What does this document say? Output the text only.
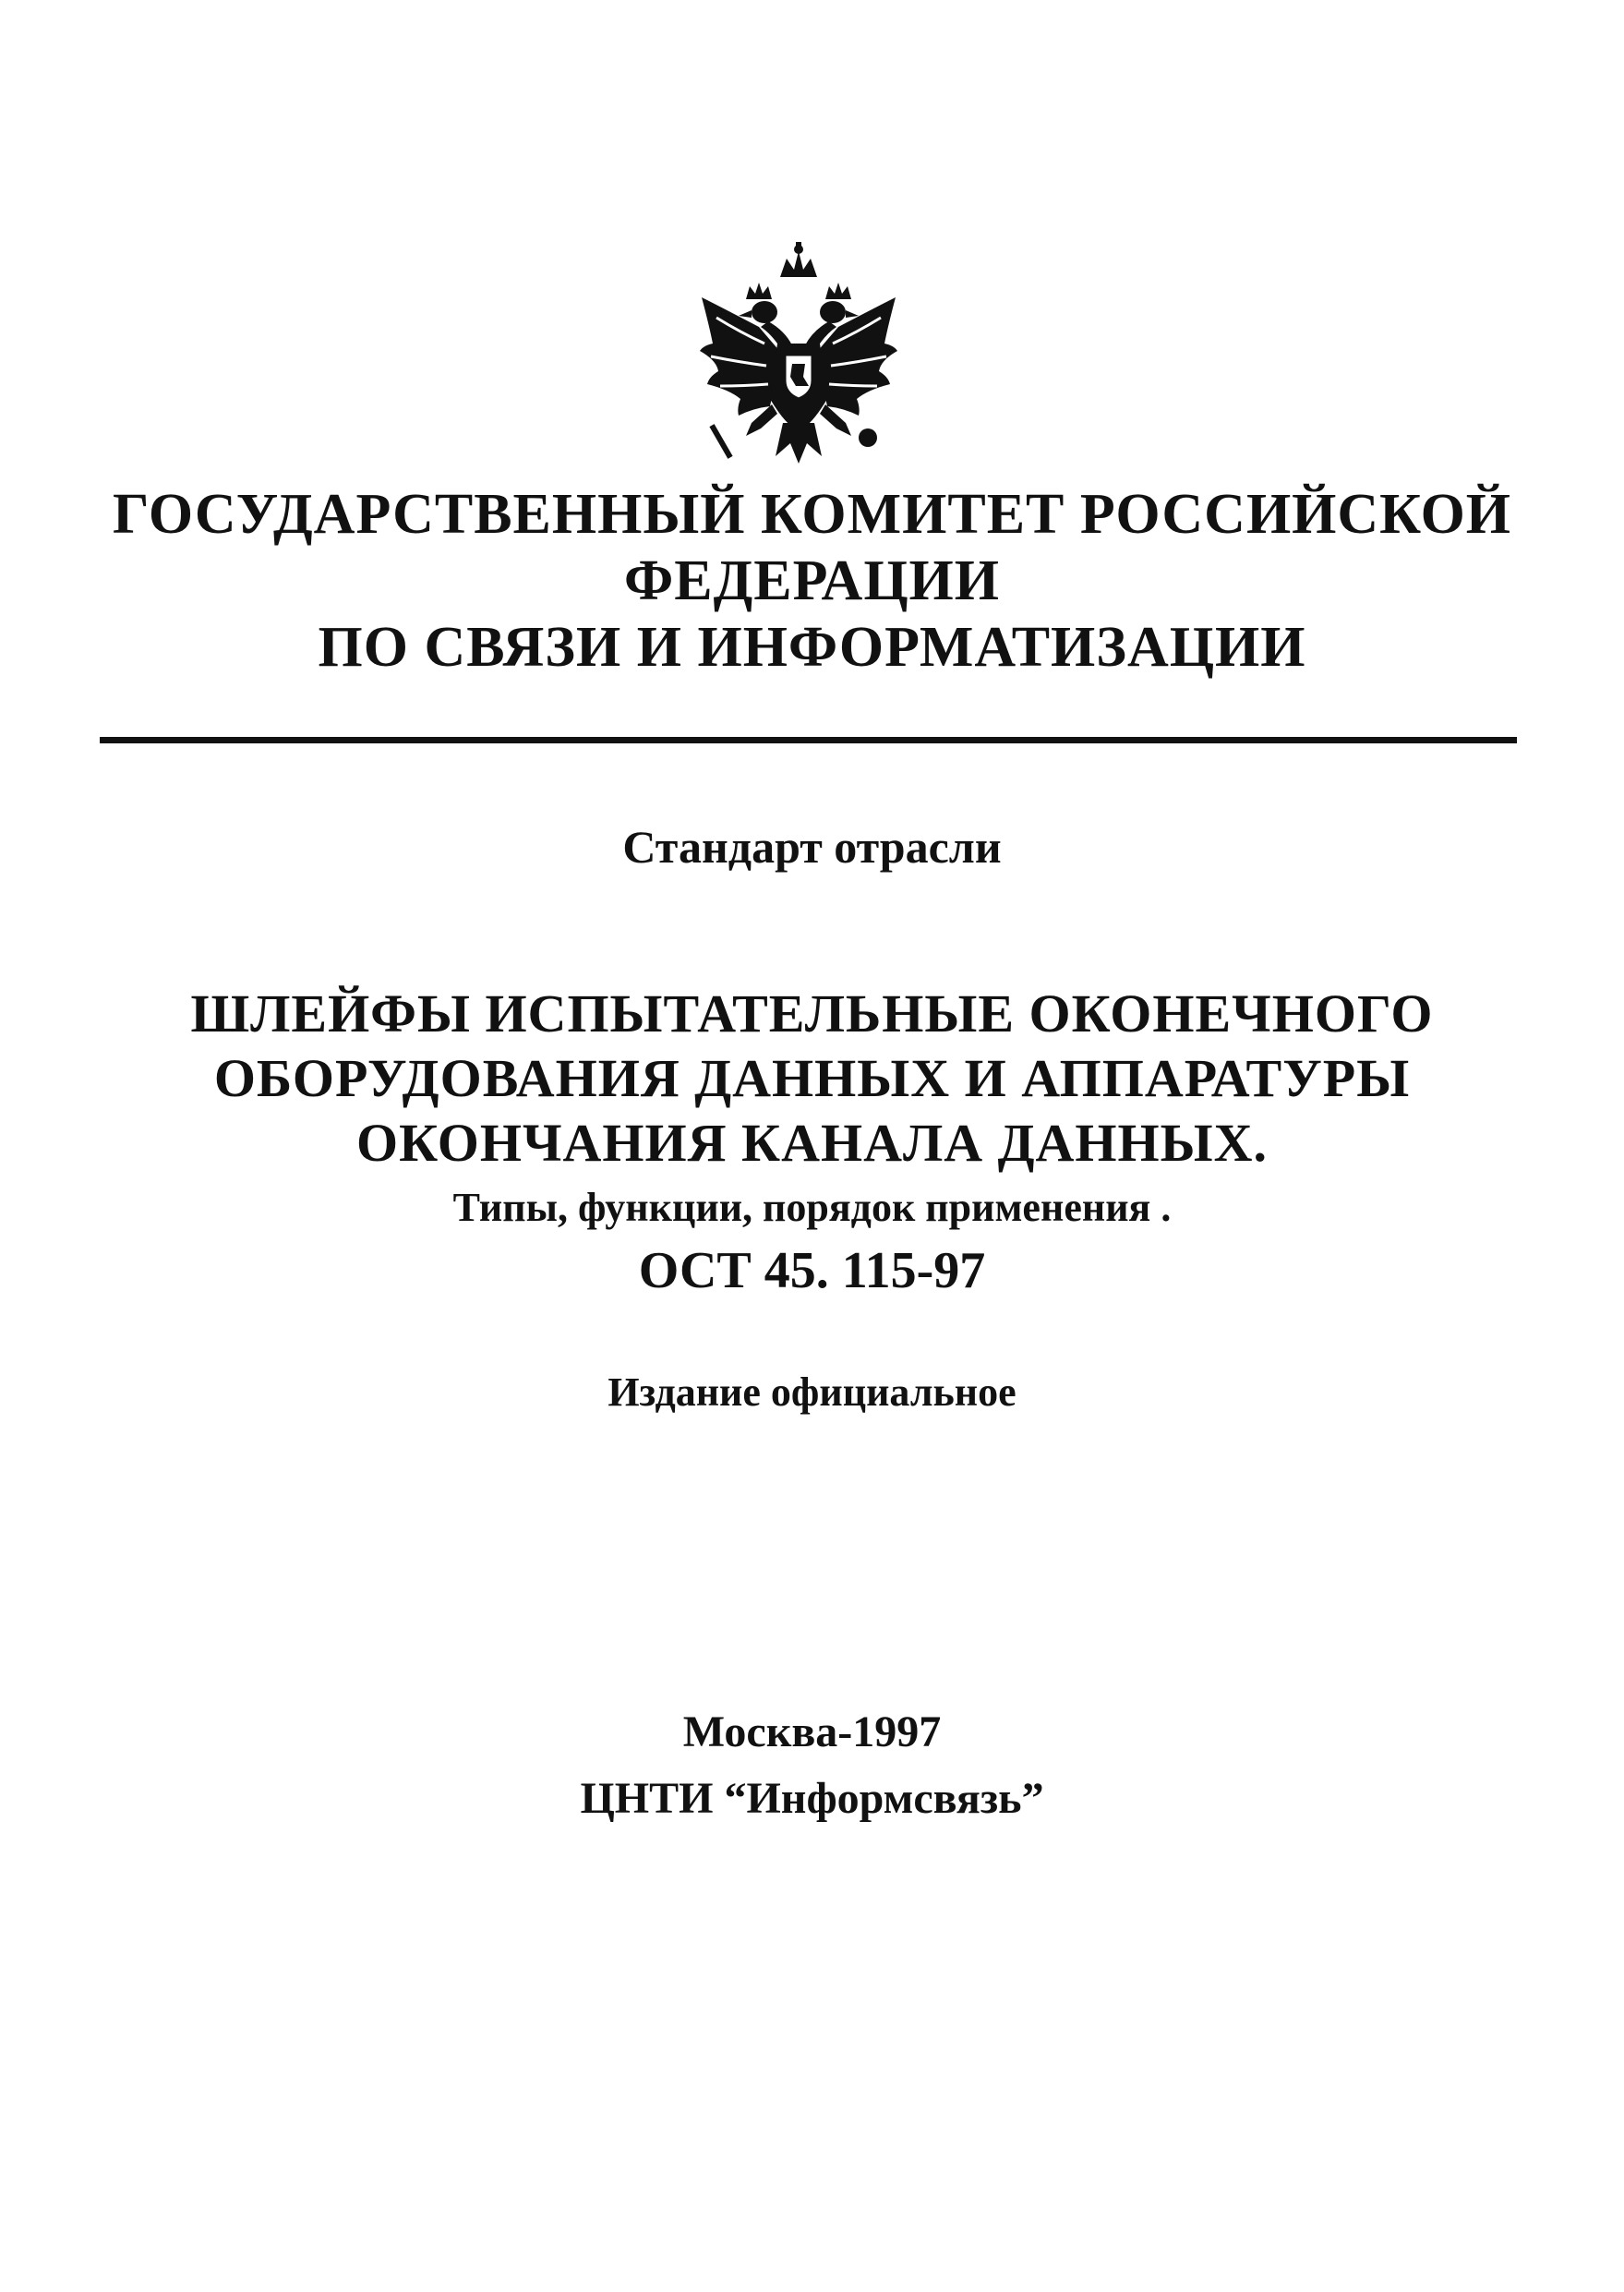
ГОСУДАРСТВЕННЫЙ КОМИТЕТ РОССИЙСКОЙ
ФЕДЕРАЦИИ
ПО СВЯЗИ И ИНФОРМАТИЗАЦИИ
Стандарт отрасли
ШЛЕЙФЫ ИСПЫТАТЕЛЬНЫЕ ОКОНЕЧНОГО
ОБОРУДОВАНИЯ ДАННЫХ И АППАРАТУРЫ
ОКОНЧАНИЯ КАНАЛА ДАННЫХ.
Типы, функции, порядок применения .
ОСТ 45. 115-97
Издание официальное
Москва-1997
ЦНТИ “Информсвязь”
